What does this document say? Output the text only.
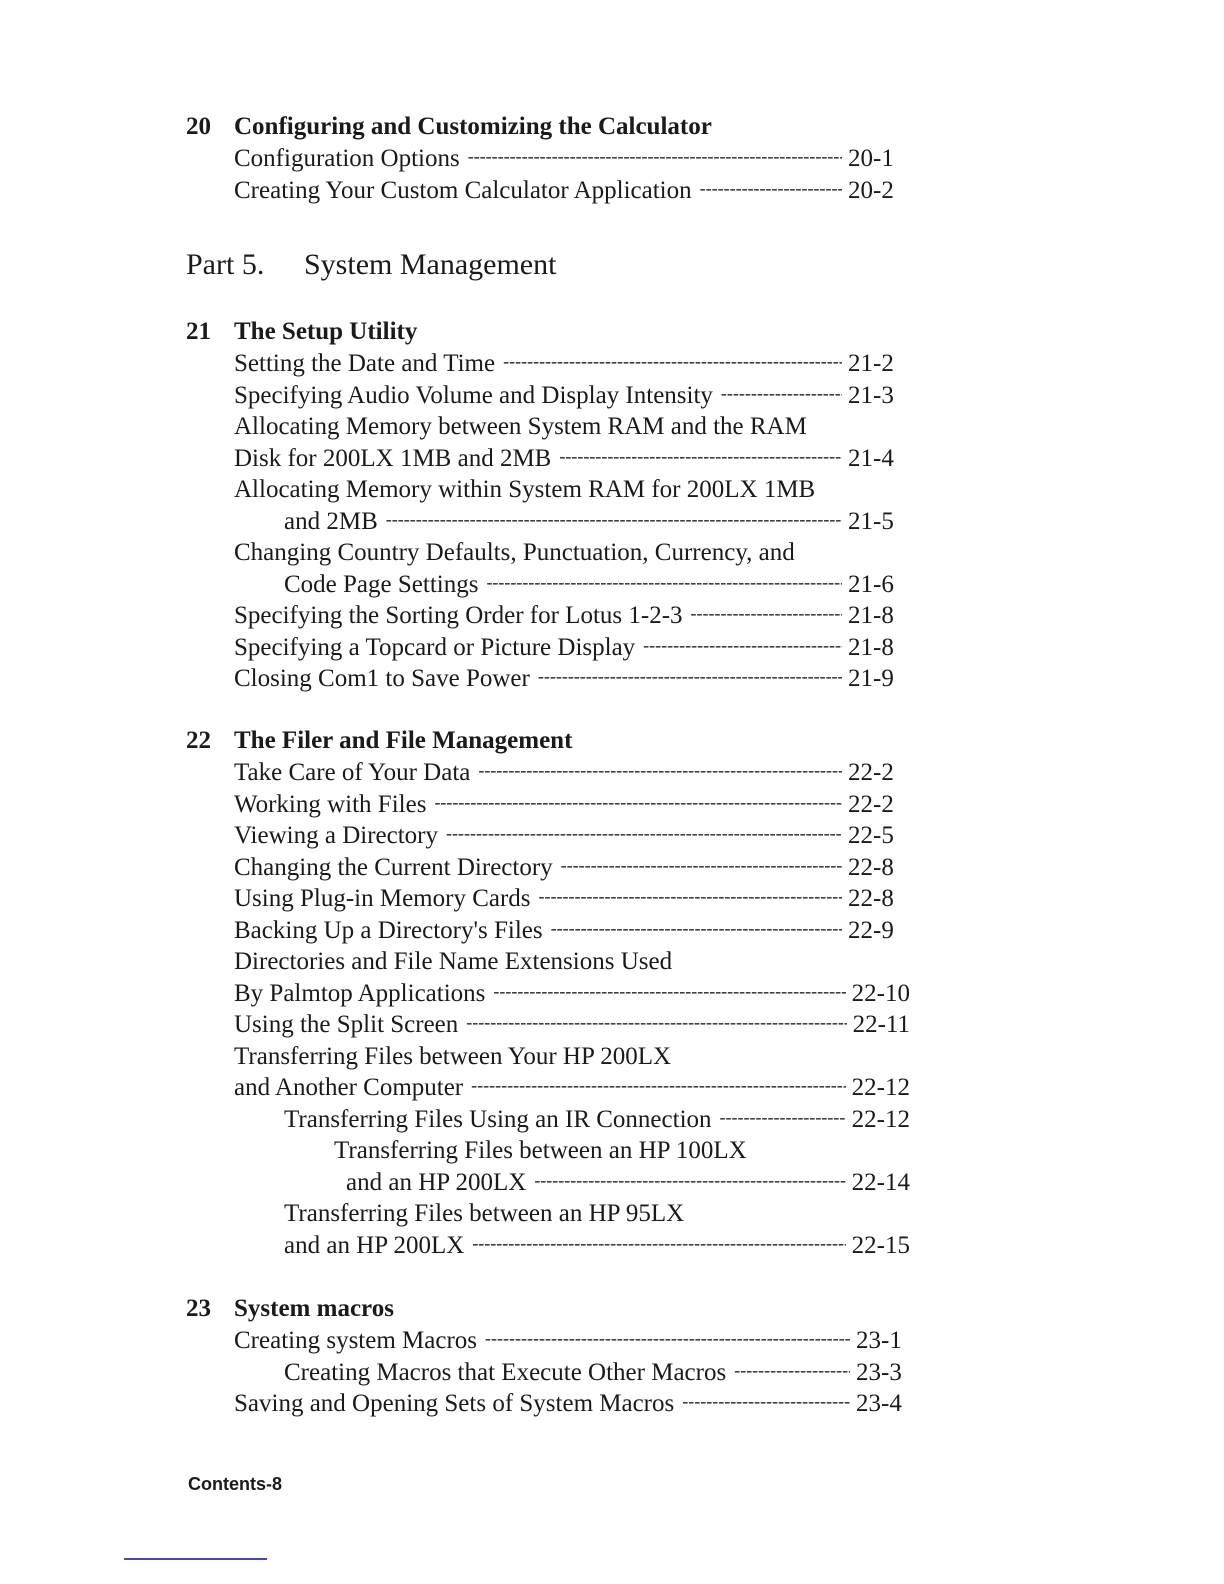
20 Configuring and Customizing the Calculator
Configuration Options -----	20-1
Creating Your Custom Calculator Application -----	20-2
Part 5.	System Management
21 The Setup Utility
Setting the Date and Time -----	21-2
Specifying Audio Volume and Display Intensity -----	21-3
Allocating Memory between System RAM and the RAM
Disk for 200LX 1MB and 2MB -----	21-4
Allocating Memory within System RAM for 200LX 1MB
and 2MB -----	21-5
Changing Country Defaults, Punctuation, Currency, and
Code Page Settings -----	21-6
Specifying the Sorting Order for Lotus 1-2-3 -----	21-8
Specifying a Topcard or Picture Display -----	21-8
Closing Com1 to Save Power -----	21-9
22 The Filer and File Management
Take Care of Your Data -----	22-2
Working with Files -----	22-2
Viewing a Directory -----	22-5
Changing the Current Directory -----	22-8
Using Plug-in Memory Cards -----	22-8
Backing Up a Directory's Files -----	22-9
Directories and File Name Extensions Used
By Palmtop Applications -----	22-10
Using the Split Screen -----	22-11
Transferring Files between Your HP 200LX
and Another Computer -----	22-12
Transferring Files Using an IR Connection -----	22-12
Transferring Files between an HP 100LX
and an HP 200LX -----	22-14
Transferring Files between an HP 95LX
and an HP 200LX -----	22-15
23 System macros
Creating system Macros -----	23-1
Creating Macros that Execute Other Macros -----	23-3
Saving and Opening Sets of System Macros -----	23-4
Contents-8
